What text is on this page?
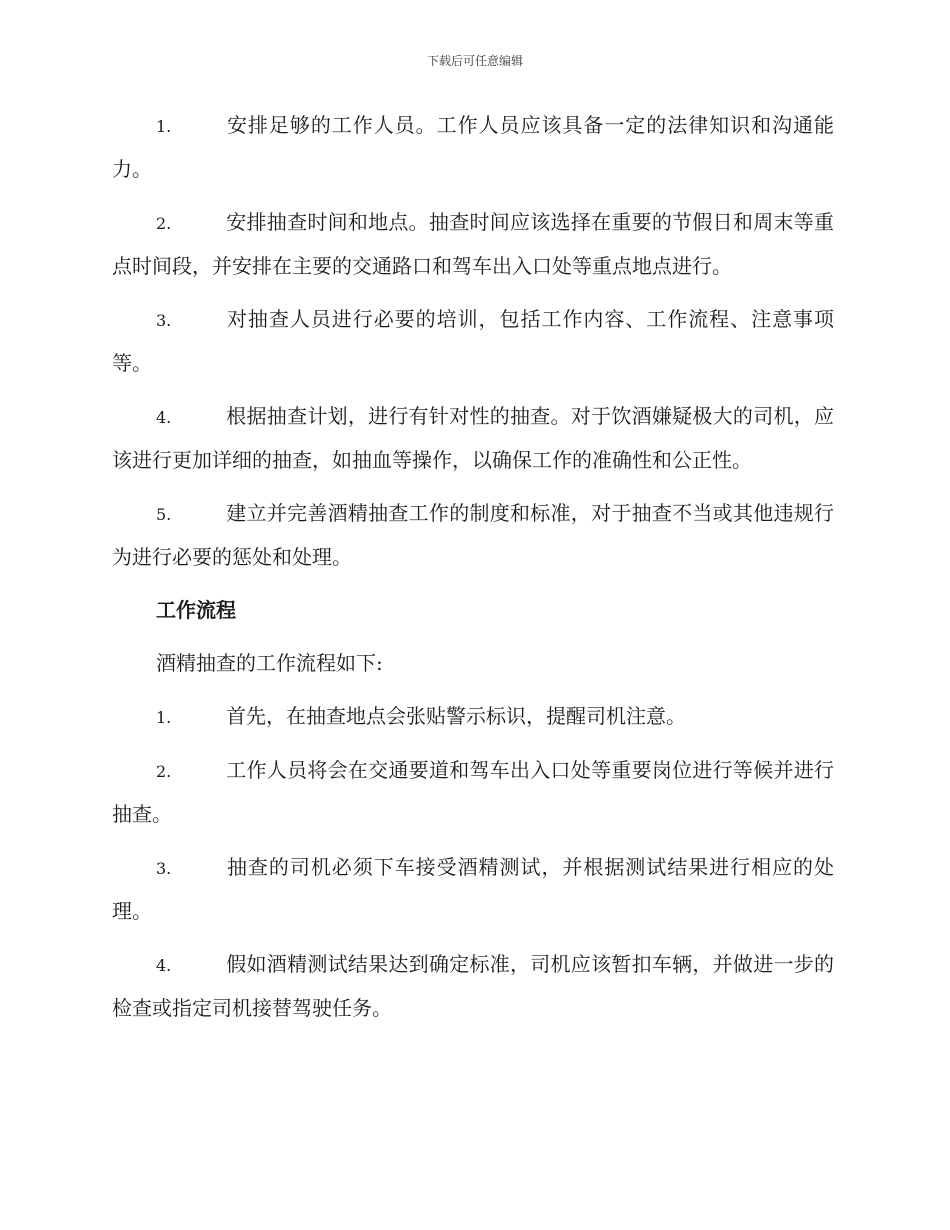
下载后可任意编辑

1.	安排足够的工作人员。工作人员应该具备一定的法律知识和沟通能力。

2.	安排抽查时间和地点。抽查时间应该选择在重要的节假日和周末等重点时间段，并安排在主要的交通路口和驾车出入口处等重点地点进行。

3.	对抽查人员进行必要的培训，包括工作内容、工作流程、注意事项等。

4.	根据抽查计划，进行有针对性的抽查。对于饮酒嫌疑极大的司机，应该进行更加详细的抽查，如抽血等操作，以确保工作的准确性和公正性。

5.	建立并完善酒精抽查工作的制度和标准，对于抽查不当或其他违规行为进行必要的惩处和处理。

工作流程

酒精抽查的工作流程如下:

1.	首先，在抽查地点会张贴警示标识，提醒司机注意。

2.	工作人员将会在交通要道和驾车出入口处等重要岗位进行等候并进行抽查。

3.	抽查的司机必须下车接受酒精测试，并根据测试结果进行相应的处理。

4.	假如酒精测试结果达到确定标准，司机应该暂扣车辆，并做进一步的检查或指定司机接替驾驶任务。
